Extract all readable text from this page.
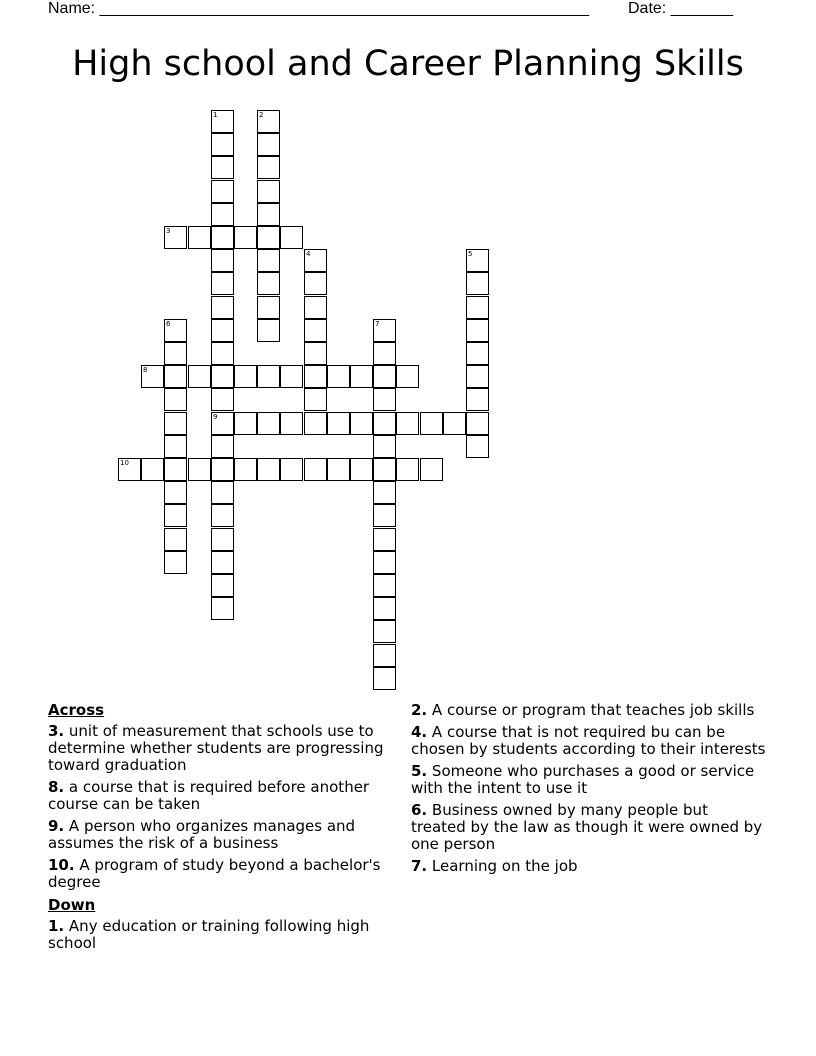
Name: _______________________________________________________ Date: _______
High school and Career Planning Skills
1
9
2
3
4	5
6	7
8
10
Across
3. unit of measurement that schools use to determine whether students are progressing toward graduation
8. a course that is required before another course can be taken
9. A person who organizes manages and assumes the risk of a business
10. A program of study beyond a bachelor's degree
Down
1. Any education or training following high school
2. A course or program that teaches job skills
4. A course that is not required bu can be chosen by students according to their interests
5. Someone who purchases a good or service with the intent to use it
6. Business owned by many people but treated by the law as though it were owned by one person
7. Learning on the job
